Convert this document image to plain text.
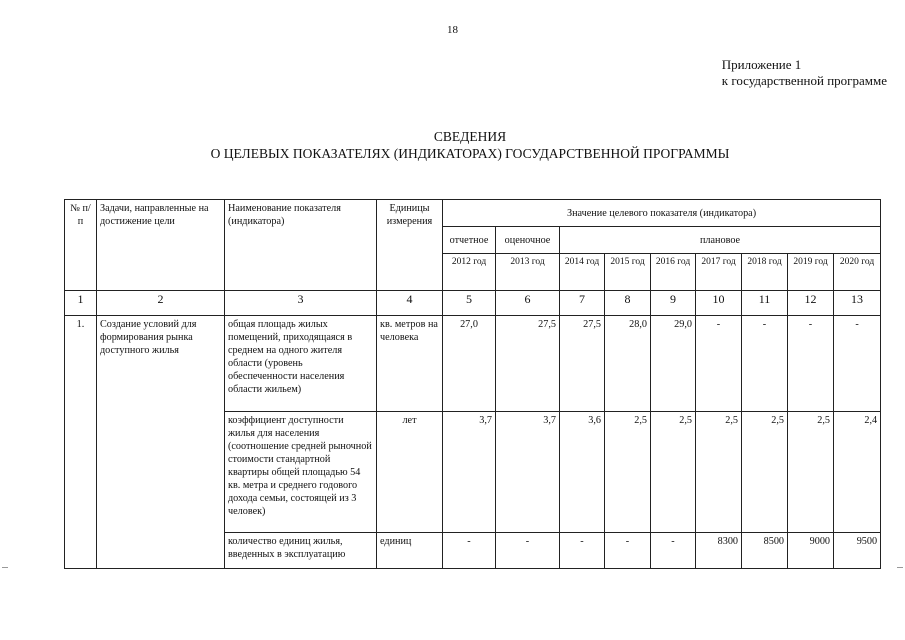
18
Приложение 1
к государственной программе
СВЕДЕНИЯ
О ЦЕЛЕВЫХ ПОКАЗАТЕЛЯХ (ИНДИКАТОРАХ) ГОСУДАРСТВЕННОЙ ПРОГРАММЫ
№ п/п	Задачи, направленные на достижение цели	Наименование показателя (индикатора)	Единицы измерения	Значение целевого показателя (индикатора)								
				отчетное	оценочное	плановое						
				2012 год	2013 год	2014 год	2015 год	2016 год	2017 год	2018 год	2019 год	2020 год
1	2	3	4	5	6	7	8	9	10	11	12	13
1.	Создание условий для формирования рынка доступного жилья	общая площадь жилых помещений, приходящаяся в среднем на одного жителя области (уровень обеспеченности населения области жильем)	кв. метров на человека	27,0	27,5	27,5	28,0	29,0	-	-	-	-
		коэффициент доступности жилья для населения (соотношение средней рыночной стоимости стандартной квартиры общей площадью 54 кв. метра и среднего годового дохода семьи, состоящей из 3 человек)	лет	3,7	3,7	3,6	2,5	2,5	2,5	2,5	2,5	2,4
		количество единиц жилья, введенных в эксплуатацию	единиц	-	-	-	-	-	8300	8500	9000	9500
